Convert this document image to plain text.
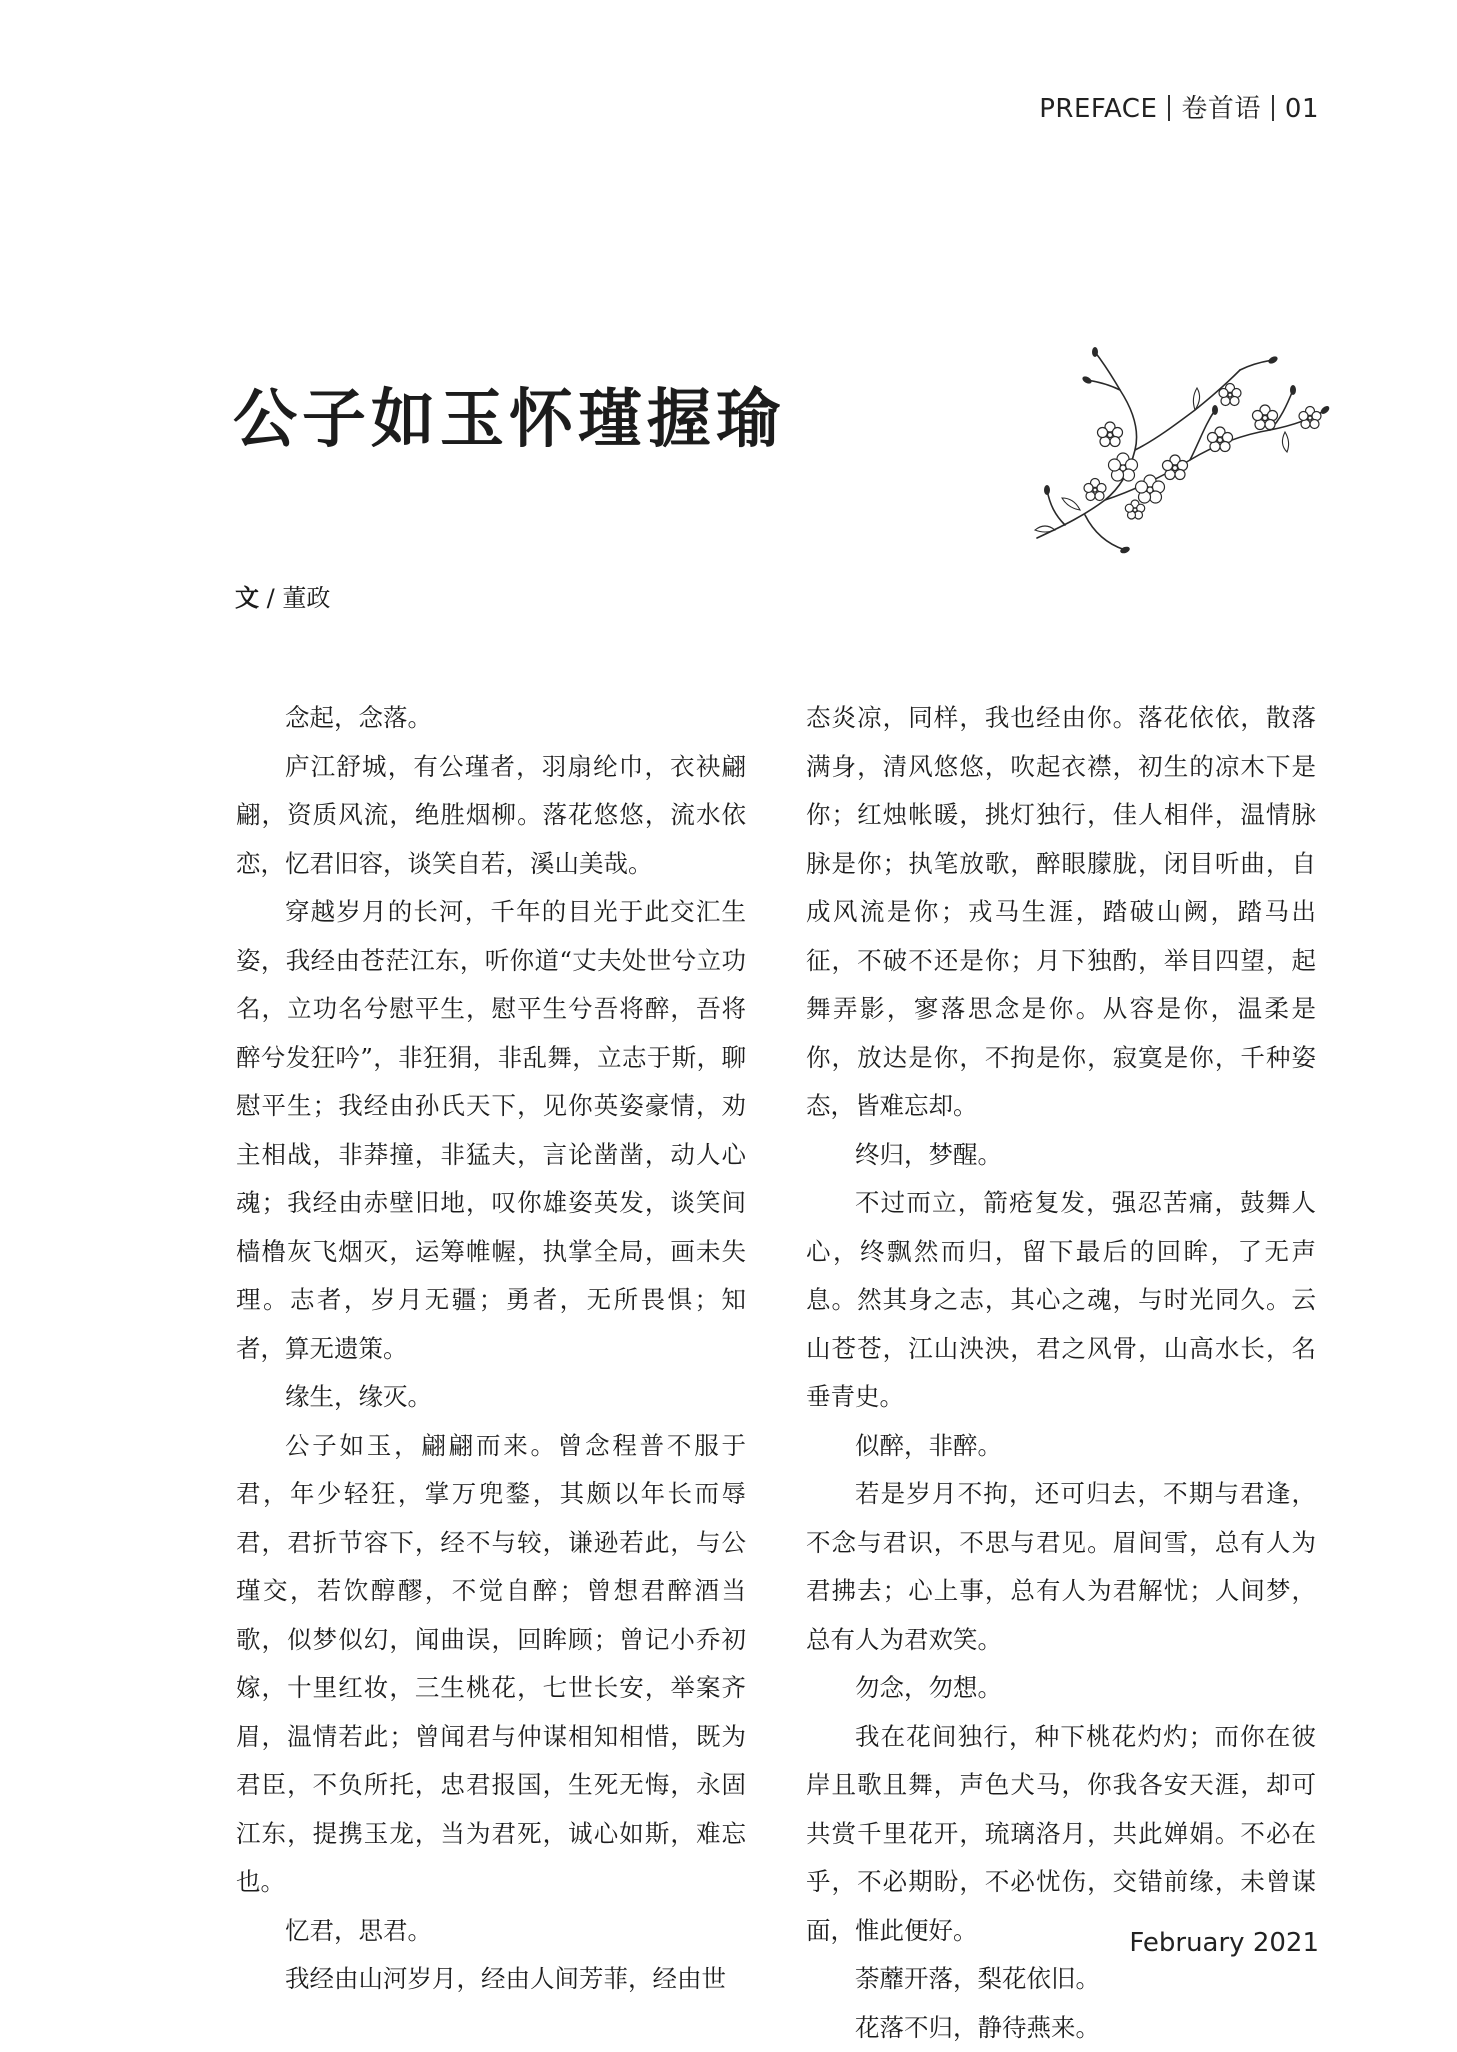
PREFACE 卷首语 01
公子如玉怀瑾握瑜
文 / 董政

念起，念落。

庐江舒城，有公瑾者，羽扇纶巾，衣袂翩翩，资质风流，绝胜烟柳。落花悠悠，流水依恋，忆君旧容，谈笑自若，溪山美哉。

穿越岁月的长河，千年的目光于此交汇生姿，我经由苍茫江东，听你道“丈夫处世兮立功名，立功名兮慰平生，慰平生兮吾将醉，吾将醉兮发狂吟”，非狂狷，非乱舞，立志于斯，聊慰平生；我经由孙氏天下，见你英姿豪情，劝主相战，非莽撞，非猛夫，言论凿凿，动人心魂；我经由赤壁旧地，叹你雄姿英发，谈笑间樯橹灰飞烟灭，运筹帷幄，执掌全局，画未失理。志者，岁月无疆；勇者，无所畏惧；知者，算无遗策。

缘生，缘灭。

公子如玉，翩翩而来。曾念程普不服于君，年少轻狂，掌万兜鍪，其颇以年长而辱君，君折节容下，经不与较，谦逊若此，与公瑾交，若饮醇醪，不觉自醉；曾想君醉酒当歌，似梦似幻，闻曲误，回眸顾；曾记小乔初嫁，十里红妆，三生桃花，七世长安，举案齐眉，温情若此；曾闻君与仲谋相知相惜，既为君臣，不负所托，忠君报国，生死无悔，永固江东，提携玉龙，当为君死，诚心如斯，难忘也。

忆君，思君。

我经由山河岁月，经由人间芳菲，经由世

态炎凉，同样，我也经由你。落花依依，散落满身，清风悠悠，吹起衣襟，初生的凉木下是你；红烛帐暖，挑灯独行，佳人相伴，温情脉脉是你；执笔放歌，醉眼朦胧，闭目听曲，自成风流是你；戎马生涯，踏破山阙，踏马出征，不破不还是你；月下独酌，举目四望，起舞弄影，寥落思念是你。从容是你，温柔是你，放达是你，不拘是你，寂寞是你，千种姿态，皆难忘却。

终归，梦醒。

不过而立，箭疮复发，强忍苦痛，鼓舞人心，终飘然而归，留下最后的回眸，了无声息。然其身之志，其心之魂，与时光同久。云山苍苍，江山泱泱，君之风骨，山高水长，名垂青史。

似醉，非醉。

若是岁月不拘，还可归去，不期与君逢，不念与君识，不思与君见。眉间雪，总有人为君拂去；心上事，总有人为君解忧；人间梦，总有人为君欢笑。

勿念，勿想。

我在花间独行，种下桃花灼灼；而你在彼岸且歌且舞，声色犬马，你我各安天涯，却可共赏千里花开，琉璃洛月，共此婵娟。不必在乎，不必期盼，不必忧伤，交错前缘，未曾谋面，惟此便好。

荼蘼开落，梨花依旧。

花落不归，静待燕来。

February 2021
